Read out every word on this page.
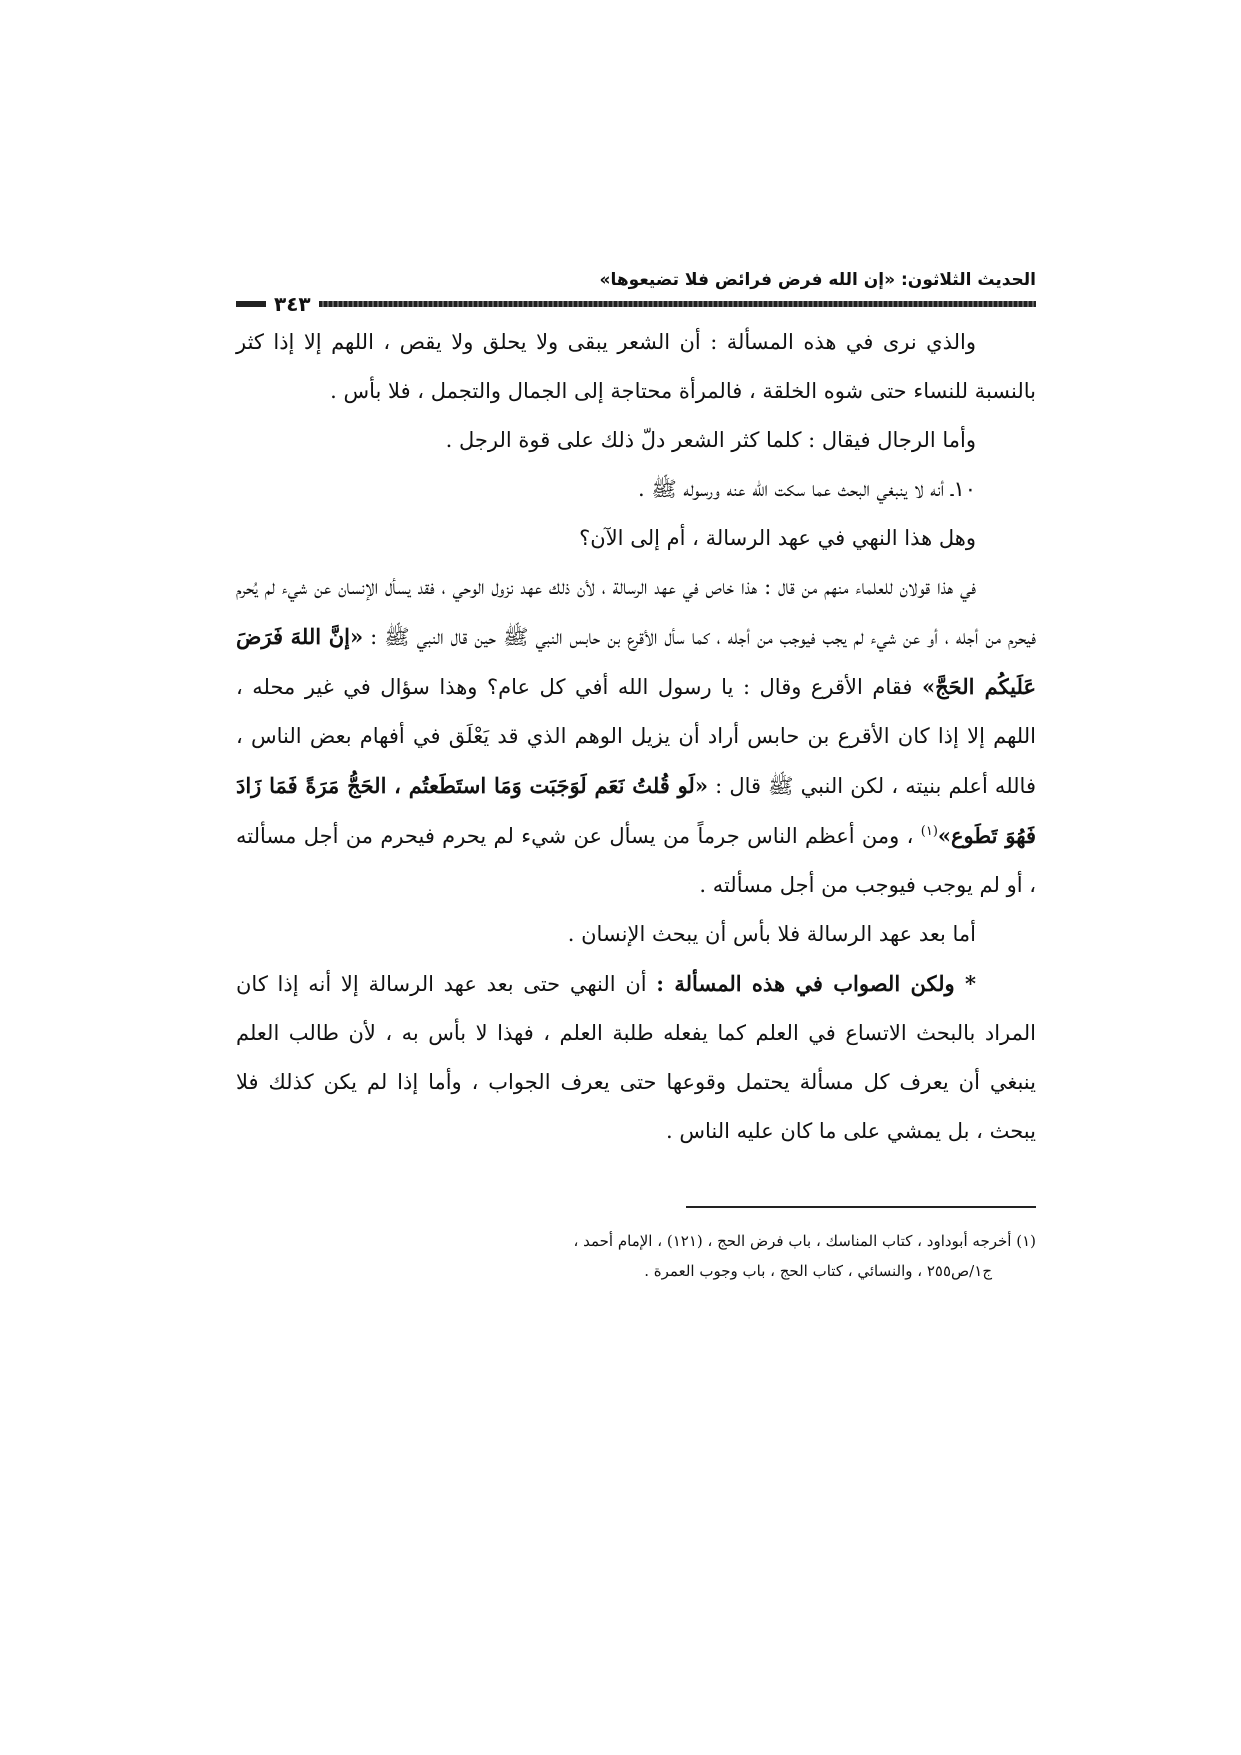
الحديث الثلاثون: «إن الله فرض فرائض فلا تضيعوها»
٣٤٣

والذي نرى في هذه المسألة : أن الشعر يبقى ولا يحلق ولا يقص ، اللهم إلا إذا كثر بالنسبة للنساء حتى شوه الخلقة ، فالمرأة محتاجة إلى الجمال والتجمل ، فلا بأس .

وأما الرجال فيقال : كلما كثر الشعر دلّ ذلك على قوة الرجل .

١٠ـ أنه لا ينبغي البحث عما سكت الله عنه ورسوله ﷺ .

وهل هذا النهي في عهد الرسالة ، أم إلى الآن؟

في هذا قولان للعلماء منهم من قال : هذا خاص في عهد الرسالة ، لأن ذلك عهد نزول الوحي ، فقد يسأل الإنسان عن شيء لم يُحرم فيحرم من أجله ، أو عن شيء لم يجب فيوجب من أجله ، كما سأل الأقرع بن حابس النبي ﷺ حين قال النبي ﷺ : «إنَّ اللهَ فَرَضَ عَلَيكُم الحَجَّ» فقام الأقرع وقال : يا رسول الله أفي كل عام؟ وهذا سؤال في غير محله ، اللهم إلا إذا كان الأقرع بن حابس أراد أن يزيل الوهم الذي قد يَعْلَق في أفهام بعض الناس ، فالله أعلم بنيته ، لكن النبي ﷺ قال : «لَو قُلتُ نَعَم لَوَجَبَت وَمَا استَطَعتُم ، الحَجُّ مَرَةً فَمَا زَادَ فَهُوَ تَطَوع»$^{(١)}$ ، ومن أعظم الناس جرماً من يسأل عن شيء لم يحرم فيحرم من أجل مسألته ، أو لم يوجب فيوجب من أجل مسألته .

أما بعد عهد الرسالة فلا بأس أن يبحث الإنسان .

* ولكن الصواب في هذه المسألة : أن النهي حتى بعد عهد الرسالة إلا أنه إذا كان المراد بالبحث الاتساع في العلم كما يفعله طلبة العلم ، فهذا لا بأس به ، لأن طالب العلم ينبغي أن يعرف كل مسألة يحتمل وقوعها حتى يعرف الجواب ، وأما إذا لم يكن كذلك فلا يبحث ، بل يمشي على ما كان عليه الناس .

(١) أخرجه أبوداود ، كتاب المناسك ، باب فرض الحج ، (١٢١) ، الإمام أحمد ،

ج١/ص٢٥٥ ، والنسائي ، كتاب الحج ، باب وجوب العمرة .
